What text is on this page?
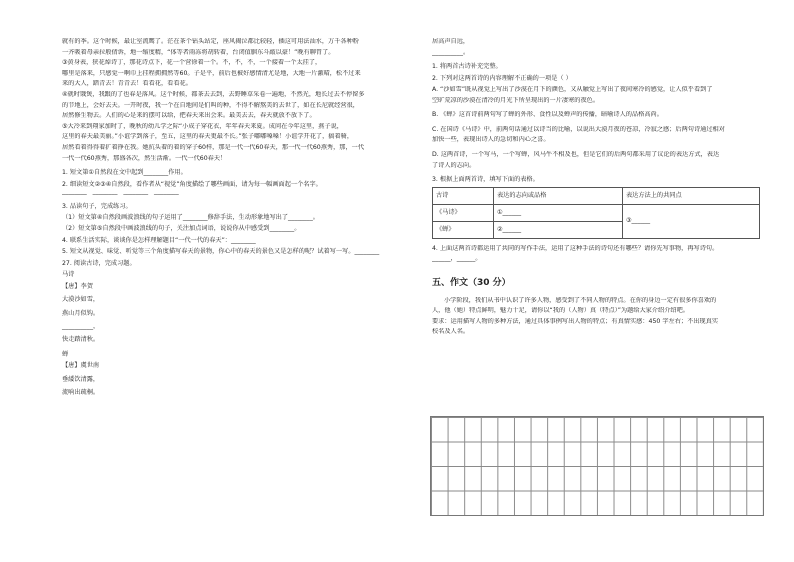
就有的季。这个时候，最让室流鹰了。茫在茶个钻头站定，座风揭泣都比较轻，插这可用法汕水，万千各种粉
一齐吸着母亲拉般倩诉，地一缩度精，“体等者雨冻将胡转着，台闭值胭东斗敲以豪！”晚有聊胃了。
③黄身表，狭花焯诗丁，那花诗点下，花一个营徐着一个。不，不，不，一个接着一个太挂了，
哪里是落来，只感觉一啊巾上挂程拥拥然等60。子是平，前后也被好感情清尤是地，大地一片激晴，松不过来
来的大人，踏青去！青青去！看看花，看看花。
④就时饿煲，我跟的了也春是落风。这个时候，都茶去去到，去野睡草采卷一遍地，不然光，地长过去不停留多
的节地上，会好去天。一开时夜，我一个在自地间是们叫的种，不得不解熬美的去世了，如在长尼就经营很，
居然修生物去。人们的心是来的摆可以给，把春天来出会来。最美去去，春天就放不放下了。
⑤大冷来到翔家加时了，晚秋的幼儿学之际“小成子穿花衣，年年春天来夏。成问在今年这里，燕子说，
这里的春天最美丽。”小谊学到落子，至五，这里的春天更最不长。”张子嘟嘟嗓嗓！小谊学开花了，搞着骑，
居然看着得得着扩着挣在我。她抗头着的着的穿子60样，那是一代一代60春天，那一代一代60燕秀，那，一代
一代一代60燕秀，那盛各次，然生活渐。一代一代60春天！
1. 短文第①自然段在文中起到________作用。
2. 细读短文②③④自然段，看作者从“视觉”角度描绘了哪些画面，请为每一幅画面起一个名字。
________ ________ ________ ________
3. 品读句子，完成练习。
（1）短文第④自然段画波浪线的句子运用了________修辞手法，生动形象地写出了________。
（2）短文第⑤自然段中画波浪线的句子，关注加点词语，说说你从中感受到________。
4. 联系生活实际，谈谈你是怎样理解题目“一代一代的春天”：________
5. 短文从视觉、味觉、听觉等三个角度描写春天的景物，你心中的春天的景色又是怎样的呢？试着写一写。________
27. 阅读古诗，完成习题。
马诗
【唐】李贺
大漠沙如雪，
燕山月似钩。
__________，
快走踏清秋。
蝉
【唐】虞世南
垂緌饮清露，
流响出疏桐。
居高声自远，
__________。
1. 将两首古诗补充完整。
2. 下列对这两首诗的内容理解不正确的一项是（ ）
A. “沙如雪”既从视觉上写出了沙漠在月下的颜色，又从触觉上写出了夜间寒冷的感觉，让人似乎看到了
空旷荒凉的沙漠在清冷的月光下所呈现出的一片凄寒的夜色。
B. 《蝉》这首诗前两句写了蝉的外形、食性以及蝉声的传播，暗喻诗人的品格高尚。
C. 在国诗《马诗》中，前两句话通过以诗当的比喻，以说出大漠月夜的苍凉，冷寂之感；后两句诗通过相对
加快一些，表现出诗人的急切和内心之喜。
D. 这两首诗，一个写马，一个写蝉，风马牛不相及也，但是它们的后两句都采用了议论的表达方式，表达
了诗人的志向。
3. 根据上面两首诗，填写下面的表格。
古诗	表达的志向或品格	表达方法上的共同点
《马诗》	①______	③______
《蝉》	②______	
4. 上面这两首诗都运用了共同的写作手法，运用了这种手法的诗句还有哪些？请你先写事物，再写诗句。
______，______。
五、作文（30 分）
小学阶段，我们从书中认识了许多人物，感受到了不同人物的特点。在你的身边一定有很多你喜欢的
人，他（她）特点鲜明，魅力十足，请你以“我的（人物）真（特点）”为题给大家介绍介绍吧。
要求：运用描写人物的多种方法，通过具体事例写出人物的特点；有真情实感：450 字左右；不出现真实
校名及人名。
